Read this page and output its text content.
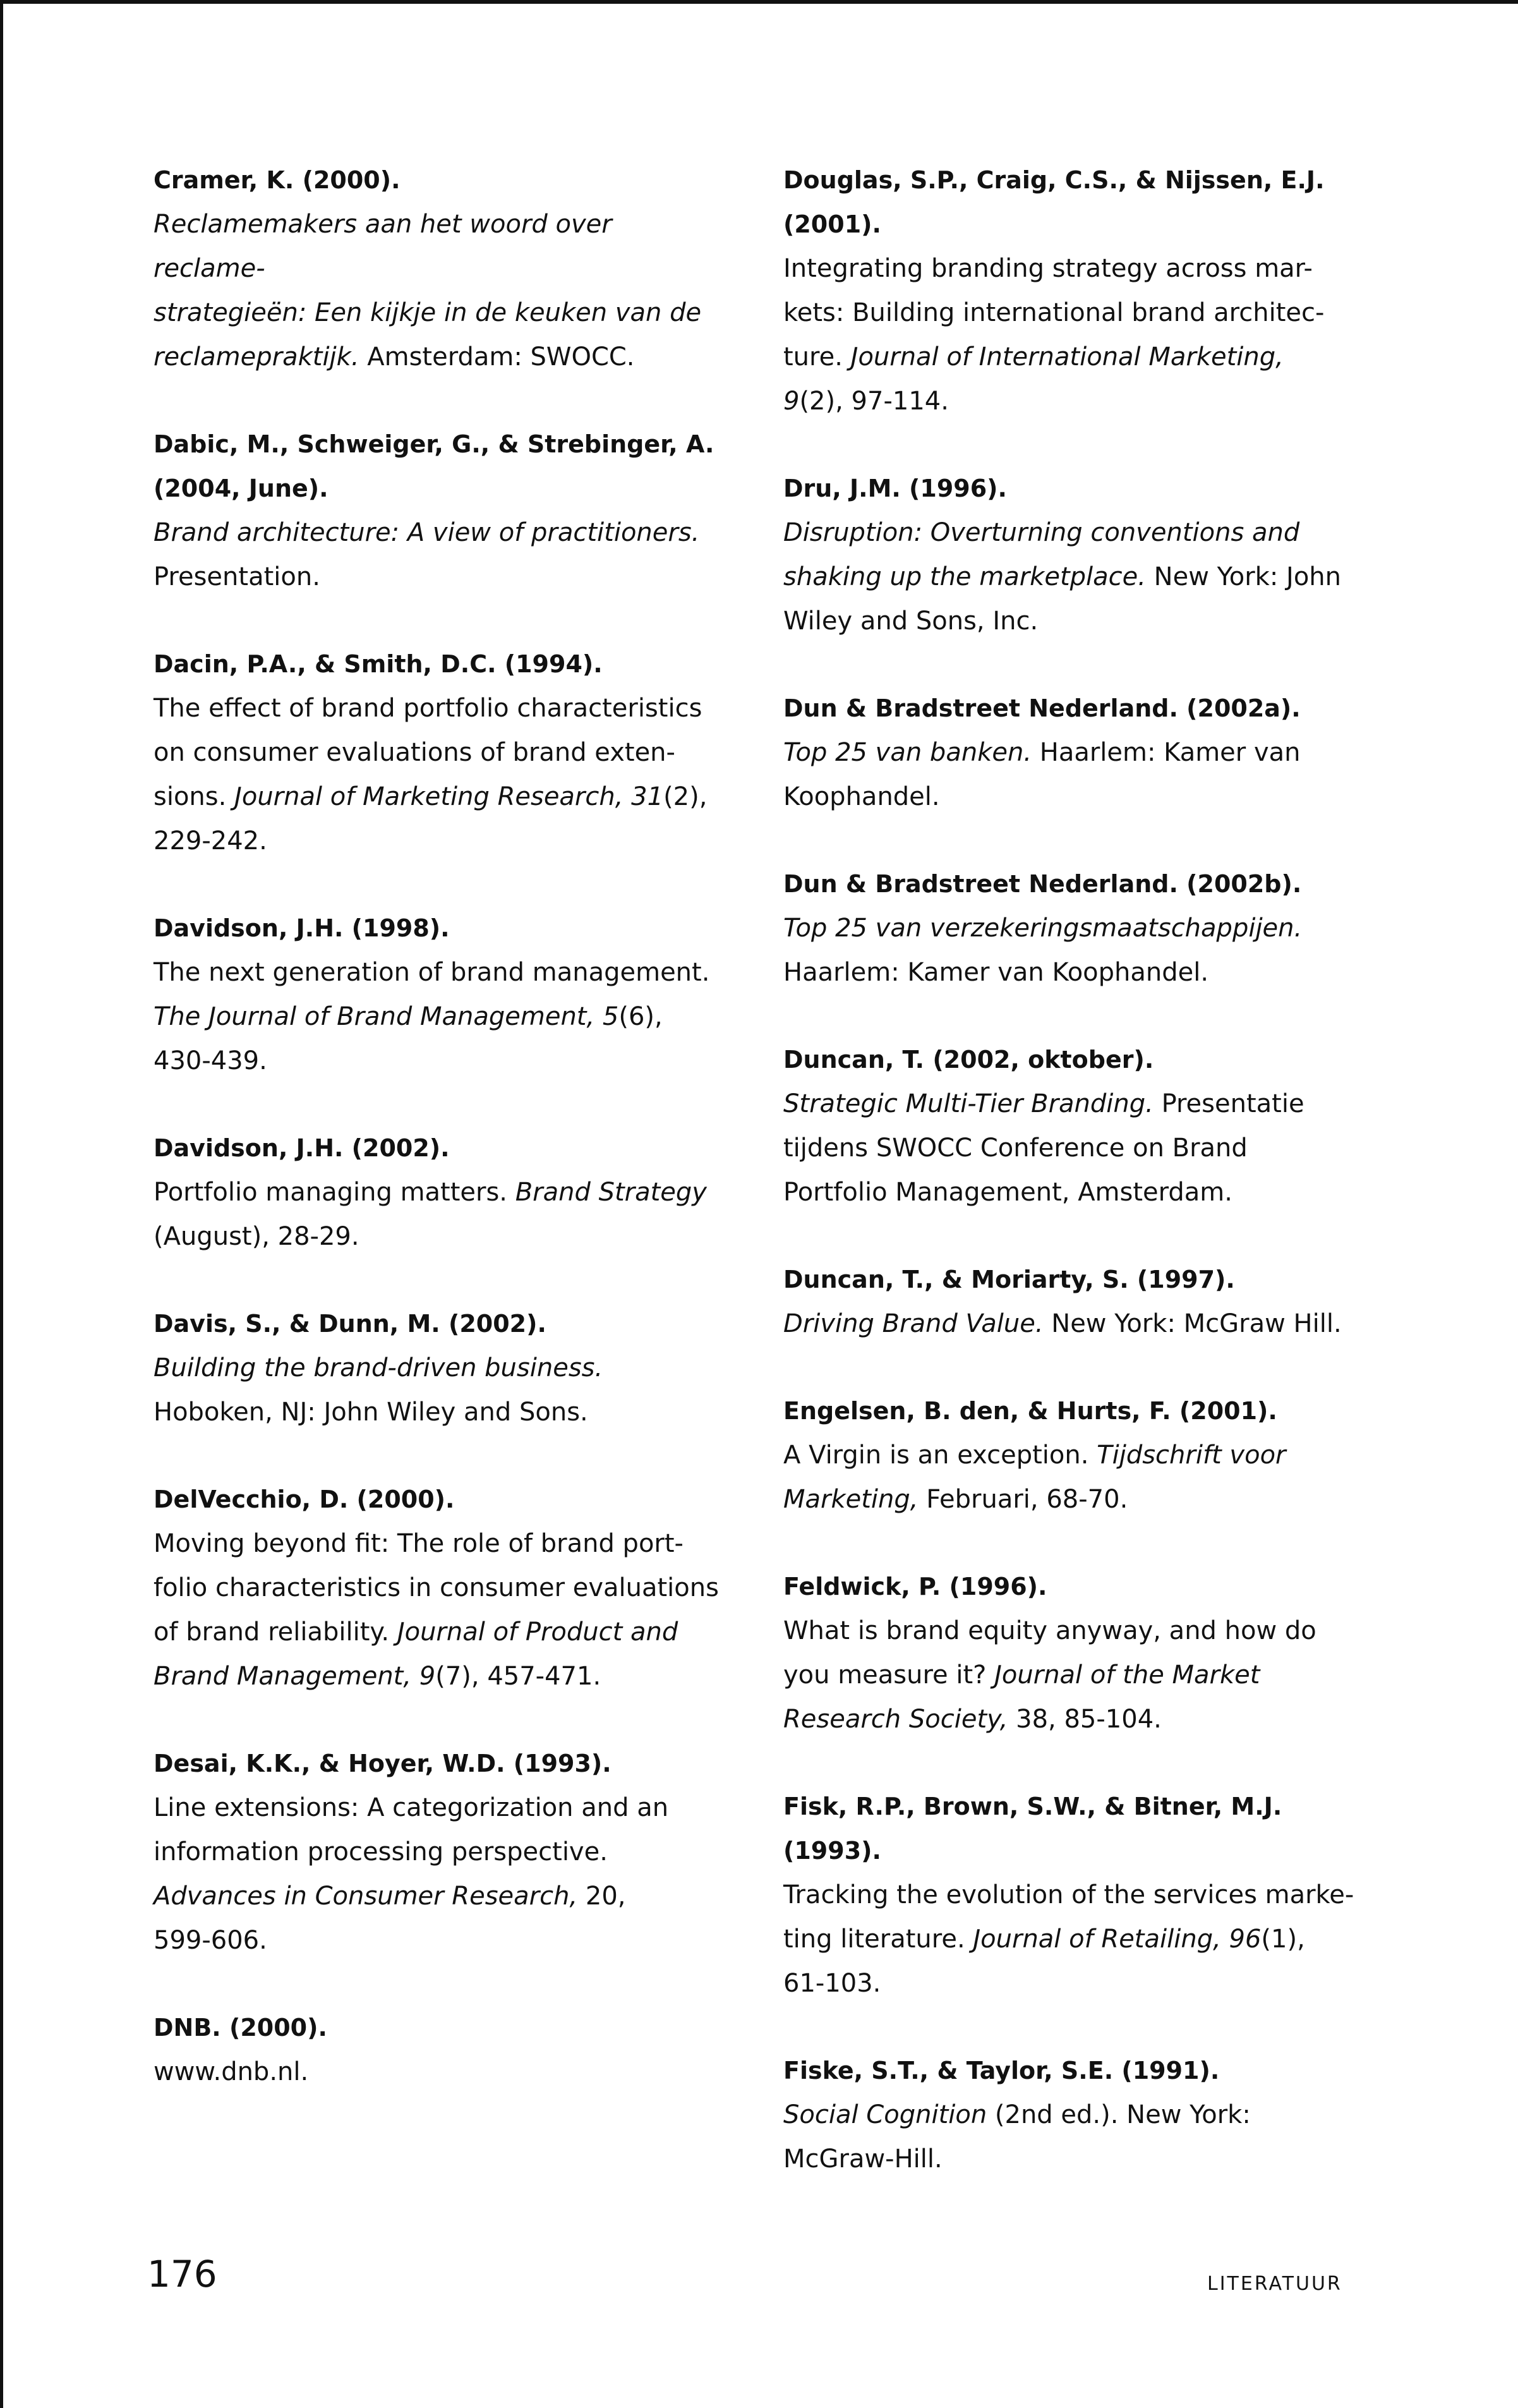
Cramer, K. (2000).
Reclamemakers aan het woord over reclame-
strategieën: Een kijkje in de keuken van de
reclamepraktijk. Amsterdam: SWOCC.
Dabic, M., Schweiger, G., & Strebinger, A. (2004, June).
Brand architecture: A view of practitioners.
Presentation.
Dacin, P.A., & Smith, D.C. (1994).
The effect of brand portfolio characteristics
on consumer evaluations of brand exten-
sions. Journal of Marketing Research, 31(2),
229-242.
Davidson, J.H. (1998).
The next generation of brand management.
The Journal of Brand Management, 5(6),
430-439.
Davidson, J.H. (2002).
Portfolio managing matters. Brand Strategy
(August), 28-29.
Davis, S., & Dunn, M. (2002).
Building the brand-driven business.
Hoboken, NJ: John Wiley and Sons.
DelVecchio, D. (2000).
Moving beyond fit: The role of brand port-
folio characteristics in consumer evaluations
of brand reliability. Journal of Product and
Brand Management, 9(7), 457-471.
Desai, K.K., & Hoyer, W.D. (1993).
Line extensions: A categorization and an
information processing perspective.
Advances in Consumer Research, 20,
599-606.
DNB. (2000).
www.dnb.nl.
Douglas, S.P., Craig, C.S., & Nijssen, E.J. (2001).
Integrating branding strategy across mar-
kets: Building international brand architec-
ture. Journal of International Marketing,
9(2), 97-114.
Dru, J.M. (1996).
Disruption: Overturning conventions and
shaking up the marketplace. New York: John
Wiley and Sons, Inc.
Dun & Bradstreet Nederland. (2002a).
Top 25 van banken. Haarlem: Kamer van
Koophandel.
Dun & Bradstreet Nederland. (2002b).
Top 25 van verzekeringsmaatschappijen.
Haarlem: Kamer van Koophandel.
Duncan, T. (2002, oktober).
Strategic Multi-Tier Branding. Presentatie
tijdens SWOCC Conference on Brand
Portfolio Management, Amsterdam.
Duncan, T., & Moriarty, S. (1997).
Driving Brand Value. New York: McGraw Hill.
Engelsen, B. den, & Hurts, F. (2001).
A Virgin is an exception. Tijdschrift voor
Marketing, Februari, 68-70.
Feldwick, P. (1996).
What is brand equity anyway, and how do
you measure it? Journal of the Market
Research Society, 38, 85-104.
Fisk, R.P., Brown, S.W., & Bitner, M.J. (1993).
Tracking the evolution of the services marke-
ting literature. Journal of Retailing, 96(1),
61-103.
Fiske, S.T., & Taylor, S.E. (1991).
Social Cognition (2nd ed.). New York:
McGraw-Hill.
176	LITERATUUR
